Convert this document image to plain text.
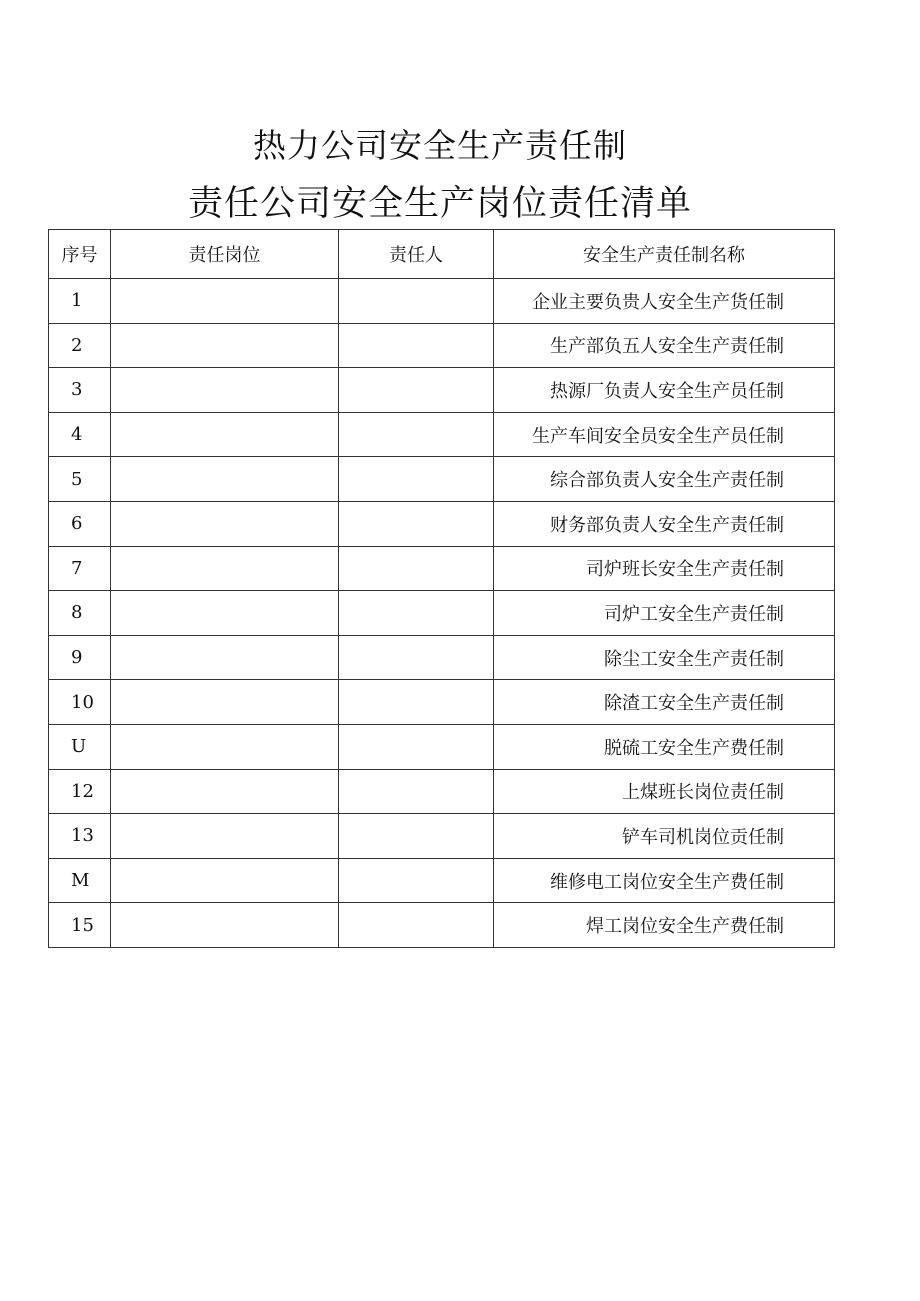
热力公司安全生产责任制
责任公司安全生产岗位责任清单
序号	责任岗位	责任人	安全生产责任制名称
1			企业主要负贵人安全生产货任制
2			生产部负五人安全生产责任制
3			热源厂负责人安全生产员任制
4			生产车间安全员安全生产员任制
5			综合部负责人安全生产责任制
6			财务部负责人安全生产责任制
7			司炉班长安全生产责任制
8			司炉工安全生产责任制
9			除尘工安全生产责任制
10			除渣工安全生产责任制
U			脱硫工安全生产费任制
12			上煤班长岗位责任制
13			铲车司机岗位贡任制
M			维修电工岗位安全生产费任制
15			焊工岗位安全生产费任制
